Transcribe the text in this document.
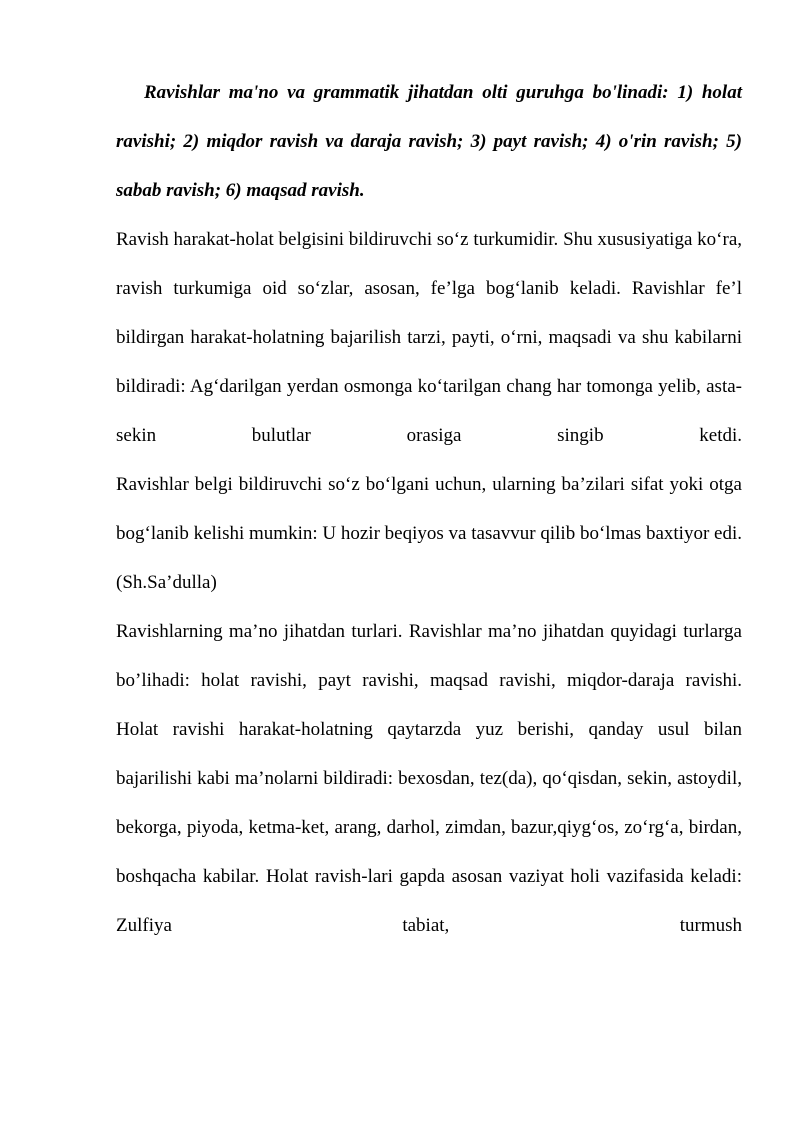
Ravishlar ma'no va grammatik jihatdan olti guruhga bo'linadi: 1) holat ravishi; 2) miqdor ravish va daraja ravish; 3) payt ravish; 4) o'rin ravish; 5) sabab ravish; 6) maqsad ravish.

Ravish harakat-holat belgisini bildiruvchi so‘z turkumidir. Shu xususiyatiga ko‘ra, ravish turkumiga oid so‘zlar, asosan, fe’lga bog‘lanib keladi. Ravishlar fe’l bildirgan harakat-holatning bajarilish tarzi, payti, o‘rni, maqsadi va shu kabilarni bildiradi: Ag‘darilgan yerdan osmonga ko‘tarilgan chang har tomonga yelib, asta-sekin bulutlar orasiga singib ketdi.

Ravishlar belgi bildiruvchi so‘z bo‘lgani uchun, ularning ba’zilari sifat yoki otga bog‘lanib kelishi mumkin: U hozir beqiyos va tasavvur qilib bo‘lmas baxtiyor edi. (Sh.Sa’dulla)

Ravishlarning ma’no jihatdan turlari. Ravishlar ma’no jihatdan quyidagi turlarga bo’lihadi: holat ravishi, payt ravishi, maqsad ravishi, miqdor-daraja ravishi.

Holat ravishi harakat-holatning qaytarzda yuz berishi, qanday usul bilan bajarilishi kabi ma’nolarni bildiradi: bexosdan, tez(da), qo‘qisdan, sekin, astoydil, bekorga, piyoda, ketma-ket, arang, darhol, zimdan, bazur,qiyg‘os, zo‘rg‘a, birdan, boshqacha kabilar. Holat ravish-lari gapda asosan vaziyat holi vazifasida keladi: Zulfiya tabiat, turmush
